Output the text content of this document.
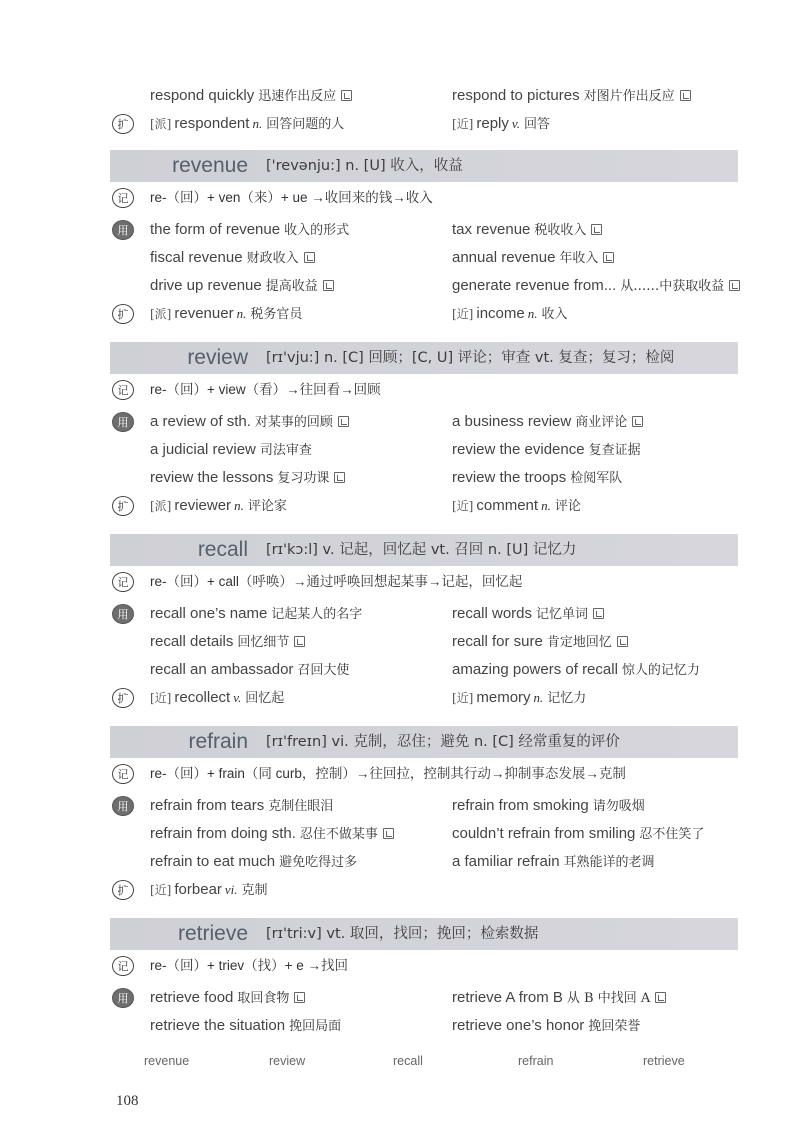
respond quickly 迅速作出反应	respond to pictures 对图片作出反应
扩	[派] respondent n. 回答问题的人	[近] reply v. 回答
revenue ['revənju:] n. [U] 收入，收益
记	re-（回）+ ven（来）+ ue →收回来的钱→收入
用	the form of revenue 收入的形式	tax revenue 税收收入
fiscal revenue 财政收入	annual revenue 年收入
drive up revenue 提高收益	generate revenue from... 从……中获取收益
扩	[派] revenuer n. 税务官员	[近] income n. 收入
review [rɪ'vju:] n. [C] 回顾；[C, U] 评论；审查 vt. 复查；复习；检阅
记	re-（回）+ view（看）→往回看→回顾
用	a review of sth. 对某事的回顾	a business review 商业评论
a judicial review 司法审查	review the evidence 复查证据
review the lessons 复习功课	review the troops 检阅军队
扩	[派] reviewer n. 评论家	[近] comment n. 评论
recall [rɪ'kɔ:l] v. 记起，回忆起 vt. 召回 n. [U] 记忆力
记	re-（回）+ call（呼唤）→通过呼唤回想起某事→记起，回忆起
用	recall one’s name 记起某人的名字	recall words 记忆单词
recall details 回忆细节	recall for sure 肯定地回忆
recall an ambassador 召回大使	amazing powers of recall 惊人的记忆力
扩	[近] recollect v. 回忆起	[近] memory n. 记忆力
refrain [rɪ'freɪn] vi. 克制，忍住；避免 n. [C] 经常重复的评价
记	re-（回）+ frain（同 curb，控制）→往回拉，控制其行动→抑制事态发展→克制
用	refrain from tears 克制住眼泪	refrain from smoking 请勿吸烟
refrain from doing sth. 忍住不做某事	couldn’t refrain from smiling 忍不住笑了
refrain to eat much 避免吃得过多	a familiar refrain 耳熟能详的老调
扩	[近] forbear vi. 克制
retrieve [rɪ'tri:v] vt. 取回，找回；挽回；检索数据
记	re-（回）+ triev（找）+ e →找回
用	retrieve food 取回食物	retrieve A from B 从 B 中找回 A
retrieve the situation 挽回局面	retrieve one’s honor 挽回荣誉
revenue	review	recall	refrain	retrieve
108
